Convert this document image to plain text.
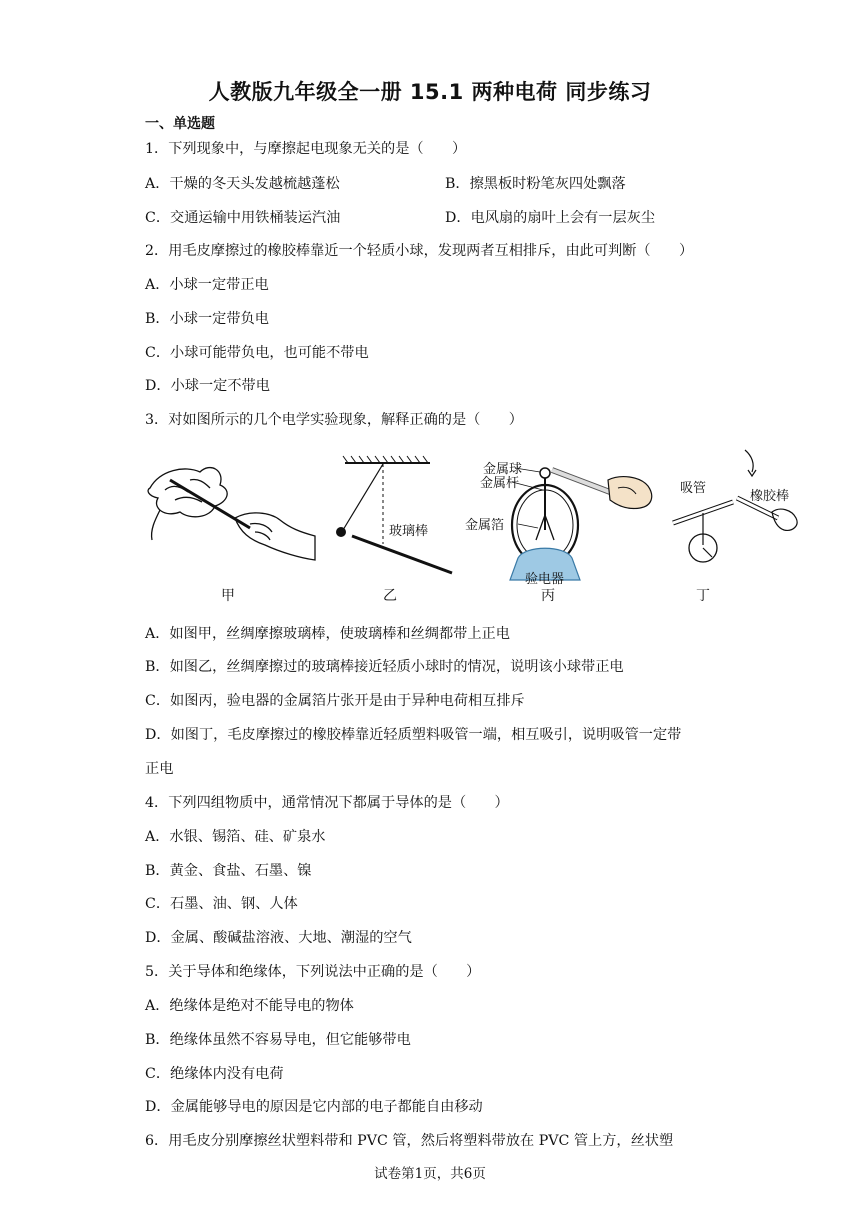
人教版九年级全一册 15.1 两种电荷 同步练习
一、单选题
1．下列现象中，与摩擦起电现象无关的是（　　）
A．干燥的冬天头发越梳越蓬松	B．擦黑板时粉笔灰四处飘落
C．交通运输中用铁桶装运汽油	D．电风扇的扇叶上会有一层灰尘
2．用毛皮摩擦过的橡胶棒靠近一个轻质小球，发现两者互相排斥，由此可判断（　　）
A．小球一定带正电
B．小球一定带负电
C．小球可能带负电，也可能不带电
D．小球一定不带电
3．对如图所示的几个电学实验现象，解释正确的是（　　）
甲
玻璃棒
乙
金属球
金属杆
金属箔
验电器
丙
吸管
橡胶棒
丁
A．如图甲，丝绸摩擦玻璃棒，使玻璃棒和丝绸都带上正电
B．如图乙，丝绸摩擦过的玻璃棒接近轻质小球时的情况，说明该小球带正电
C．如图丙，验电器的金属箔片张开是由于异种电荷相互排斥
D．如图丁，毛皮摩擦过的橡胶棒靠近轻质塑料吸管一端，相互吸引，说明吸管一定带
正电
4．下列四组物质中，通常情况下都属于导体的是（　　）
A．水银、锡箔、硅、矿泉水
B．黄金、食盐、石墨、镍
C．石墨、油、钢、人体
D．金属、酸碱盐溶液、大地、潮湿的空气
5．关于导体和绝缘体，下列说法中正确的是（　　）
A．绝缘体是绝对不能导电的物体
B．绝缘体虽然不容易导电，但它能够带电
C．绝缘体内没有电荷
D．金属能够导电的原因是它内部的电子都能自由移动
6．用毛皮分别摩擦丝状塑料带和 PVC 管，然后将塑料带放在 PVC 管上方，丝状塑
试卷第1页，共6页
